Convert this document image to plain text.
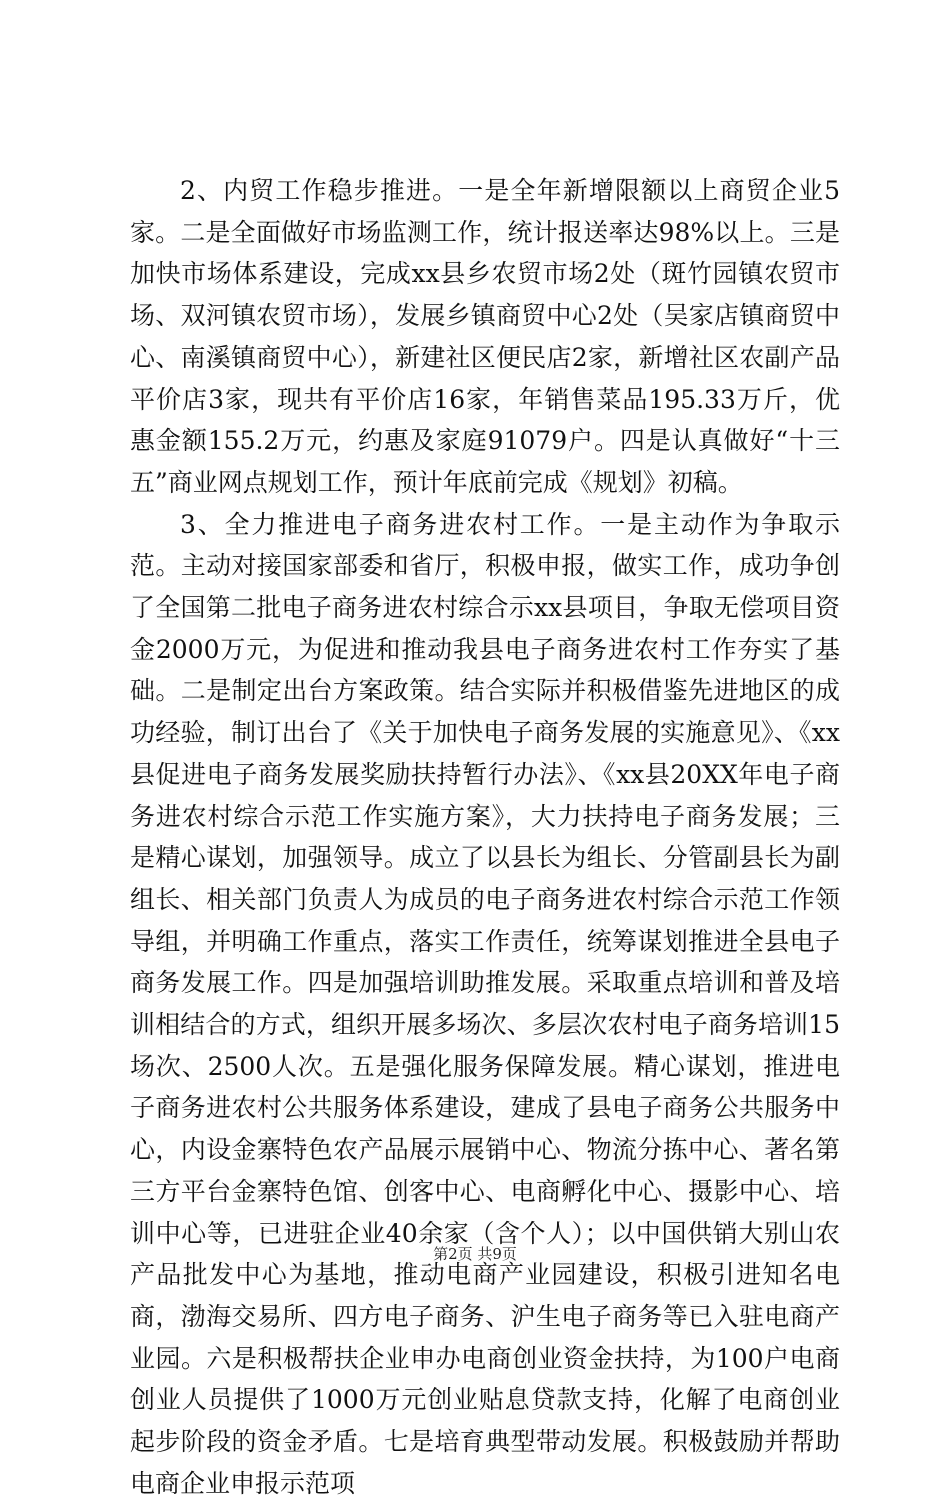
2、内贸工作稳步推进。一是全年新增限额以上商贸企业5家。二是全面做好市场监测工作，统计报送率达98%以上。三是加快市场体系建设，完成xx县乡农贸市场2处（斑竹园镇农贸市场、双河镇农贸市场），发展乡镇商贸中心2处（吴家店镇商贸中心、南溪镇商贸中心），新建社区便民店2家，新增社区农副产品平价店3家，现共有平价店16家，年销售菜品195.33万斤，优惠金额155.2万元，约惠及家庭91079户。四是认真做好“十三五”商业网点规划工作，预计年底前完成《规划》初稿。

3、全力推进电子商务进农村工作。一是主动作为争取示范。主动对接国家部委和省厅，积极申报，做实工作，成功争创了全国第二批电子商务进农村综合示xx县项目，争取无偿项目资金2000万元，为促进和推动我县电子商务进农村工作夯实了基础。二是制定出台方案政策。结合实际并积极借鉴先进地区的成功经验，制订出台了《关于加快电子商务发展的实施意见》、《xx县促进电子商务发展奖励扶持暂行办法》、《xx县20XX年电子商务进农村综合示范工作实施方案》，大力扶持电子商务发展；三是精心谋划，加强领导。成立了以县长为组长、分管副县长为副组长、相关部门负责人为成员的电子商务进农村综合示范工作领导组，并明确工作重点，落实工作责任，统筹谋划推进全县电子商务发展工作。四是加强培训助推发展。采取重点培训和普及培训相结合的方式，组织开展多场次、多层次农村电子商务培训15场次、2500人次。五是强化服务保障发展。精心谋划，推进电子商务进农村公共服务体系建设，建成了县电子商务公共服务中心，内设金寨特色农产品展示展销中心、物流分拣中心、著名第三方平台金寨特色馆、创客中心、电商孵化中心、摄影中心、培训中心等，已进驻企业40余家（含个人）；以中国供销大别山农产品批发中心为基地，推动电商产业园建设，积极引进知名电商，渤海交易所、四方电子商务、沪生电子商务等已入驻电商产业园。六是积极帮扶企业申办电商创业资金扶持，为100户电商创业人员提供了1000万元创业贴息贷款支持，化解了电商创业起步阶段的资金矛盾。七是培育典型带动发展。积极鼓励并帮助电商企业申报示范项

第2页 共9页
